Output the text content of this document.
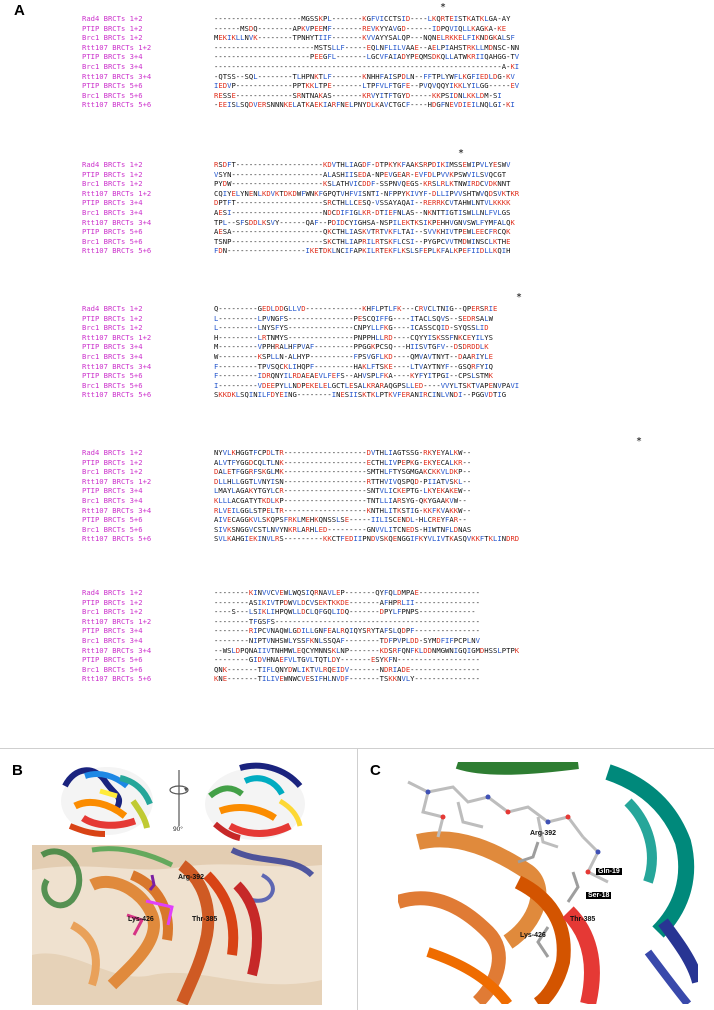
A	Rad4 BRCTs 1+2	--------------------MGSSKPL-------KGFVICCTSID----LKQRTEISTKATKLGA-AY
PTIP BRCTs 1+2	------MSDQ--------APKVPEEMF-------REVKYYAVGD------IDPQVIQLLKAGKA-KE
Brc1 BRCTs 1+2	MEKIKLLNVK--------TPNHYTIIF-------KVVAYYSALQP---NQNELRKKELFIKNDGKALSF
Rtt107 BRCTs 1+2	-----------------------MSTSLLF-----EQLNFLILVAAE--AELPIAHSTRKLLMDNSC-NN
PTIP BRCTs 3+4	----------------------PEEGFL-------LGCVFAIADYPEQMSDKQLLATWKRIIQAHGG-TV
Brc1 BRCTs 3+4	------------------------------------------------------------------A-KI
Rtt107 BRCTs 3+4	-QTSS--SQL--------TLHPNKTLF-------KNHHFAISPDLN--FFTPLYWFLKGFIEDLDG-KV
PTIP BRCTs 5+6	IEDVP-------------PPTKKLTPE-------LTPFVLFTGFE--PVQVQQYIKKLYILGG-----EV
Brc1 BRCTs 5+6	RESSE-------------SRNTNAKAS-------KRVYITFTGYD-----KKPSIDNLKKLDM-SI
Rtt107 BRCTs 5+6	-EEISLSQDVERSNNNKELATKAEKIARFNELPNYDLKAVCTGCF----HDGFNEVDIEILNQLGI-KI
Rad4 BRCTs 1+2	RSDFT--------------------KDVTHLIAGDF-DTPKYKFAAKSRPDIKIMSSEWIPVLYESWV
PTIP BRCTs 1+2	VSYN---------------------ALASHIISEDA-NPEVGEAR-EVFDLPVVKPSWVILSVQCGT
Brc1 BRCTs 1+2	PYDW---------------------KSLATHVICDDF-SSPNVQEGS-KRSLRLKTNWIRDCVDKNNT
Rtt107 BRCTs 1+2	CQIYELYNENLKDVKTDKDWFWNKFGPQTVHFVISNTI-NFPPYKIVYF-DLLIPVVSHTWVQDSVKTKR
PTIP BRCTs 3+4	DPTFT--------------------SRCTHLLCESQ-VSSAYAQAI--RERRKCVTAHWLNTVLKKKK
Brc1 BRCTs 3+4	AESI---------------------NDCDIFIGLKR-DTIEFNLAS--NKNTTIGTISWLLNLFVLGS
Rtt107 BRCTs 3+4	TPL--SFSDDLKSVY------QAF--PDIDCYIGHSA-NSPILEKTKSIKPEHHVGNVSWLFYMFALQK
PTIP BRCTs 5+6	AESA---------------------QKCTHLIASKVTRTVKFLTAI--SVVKHIVTPEWLEECFRCQK
Brc1 BRCTs 5+6	TSNP---------------------SKCTHLIAPRILRTSKFLCSI--PYGPCVVTMDWINSCLKTHE
Rtt107 BRCTs 5+6	FDN------------------IKETDKLNCIFAPKILRTEKFLKSLSFEPLKFALKPEFIIDLLKQIH
Rad4 BRCTs 1+2	Q---------GEDLDDGLLVD-------------KHFLPTLFK---CRVCLTNIG--QPERSRIE
PTIP BRCTs 1+2	L---------LPVNGFS---------------PESCQIFFG----ITACLSQVS--SEDRSALW
Brc1 BRCTs 1+2	L---------LNYSFYS---------------CNPYLLFKG----ICASSCQID-SYQSSLID
Rtt107 BRCTs 1+2	H---------LRTNMYS---------------PNPPHLLRD----CQYYISKSSFNKCEYILYS
PTIP BRCTs 3+4	M---------VPPHRALHFPVAF---------PPGGKPCSQ---HIISVTGFV--DSDRDDLK
Brc1 BRCTs 3+4	W---------KSPLLN-ALHYP----------FPSVGFLKD----QMVAVTNYT--DAARIYLE
Rtt107 BRCTs 3+4	F---------TPVSQCKLIHQPF---------HAKLFTSKE----LTVAYTNYF--GSQRFYIQ
PTIP BRCTs 5+6	F---------IDRQNYILRDAEAEVLFEFS--AHVSPLFKA----KYFYITPGI--CPSLSTMK
Brc1 BRCTs 5+6	I---------VDEEPYLLNDPEKELELGCTLESALKRARAQGPSLLED----VVYLTSKTVAPENVPAVI
Rtt107 BRCTs 5+6	SKKDKLSQINILFDYEING--------INESIISKTKLPTKVFERANIRCINLVNDI--PGGVDTIG
Rad4 BRCTs 1+2	NYVLKHGGTFCPDLTR-------------------DVTHLIAGTSSG-RKYEYALKW--
PTIP BRCTs 1+2	ALVTFYGGDCQLTLNK-------------------ECTHLIVPEPKG-EKYECALKR--
Brc1 BRCTs 1+2	DALETFGGRFSKGLMK-------------------SMTHLFTYSGMGAKCKKVLDKP--
Rtt107 BRCTs 1+2	DLLHLLGGTLVNYISN-------------------RTTHVIVQSPQD-PIIATVSKL--
PTIP BRCTs 3+4	LMAYLAGAKYTGYLCR-------------------SNTVLICKEPTG-LKYEKAKEW--
Brc1 BRCTs 3+4	KLLLACGATYTKDLKP-------------------TNTLLIARSYG-QKYGAAKVW--
Rtt107 BRCTs 3+4	RLVEILGGLSTPELTR-------------------KNTHLITKSTIG-KKFKVAKKW--
PTIP BRCTs 5+6	AIVECAGGKVLSKQPSFRKLMEHKQNSSLSE-----IILISCENDL-HLCREYFAR--
Brc1 BRCTs 5+6	SIVKSNGGVCSTLNVYNKRLARHLED---------GNVVLITCNEDS-HIWTNFLDNAS
Rtt107 BRCTs 5+6	SVLKAHGIEKINVLRS---------KKCTFEDIIPNDVSKQENGGIFKYVLIVTKASQVKKFTKLINDRD
Rad4 BRCTs 1+2	--------KINVVCVEWLWQSIQRNAVLEP-------QYFQLDMPAE--------------
PTIP BRCTs 1+2	--------ASIKIVTPDWVLDCVSEKTKKDE-------AFHPRLII---------------
Brc1 BRCTs 1+2	----S---LSIKLIHPQWLLDCLQFGQLIDQ-------DPYLFPNPS-------------
Rtt107 BRCTs 1+2	--------TFGSFS-----------------------------------------------
PTIP BRCTs 3+4	--------RIPCVNAQWLGDILLGNFEALRQIQYSRYTAFSLQDPF---------------
Brc1 BRCTs 3+4	--------NIPTVNHSWLYSSFKNLSSQAF--------TDFPVPLDD-SYMDFIFPCPLNV
Rtt107 BRCTs 3+4	--WSLDPQNAIIVTNHMWLEQCYMNNSKLNP-------KDSRFQNFKLDDNMGWNIGQIGMDHSSLPTPK
PTIP BRCTs 5+6	--------GIDVHNAEFVLTGVLTQTLDY-------ESYKFN-------------------
Brc1 BRCTs 5+6	QNK-------TIFLQNYDWLIKTVLRQEIDV-------NDRIADE----------------
Rtt107 BRCTs 5+6	KNE-------TILIVEWNWCVESIFHLNVDF-------TSKKNVLY---------------
B
90°
Arg-392
Lys-426	Thr-385
C
Arg-392
Gln-19
Ser-18
Thr-385
Lys-426
*
*
*
*
